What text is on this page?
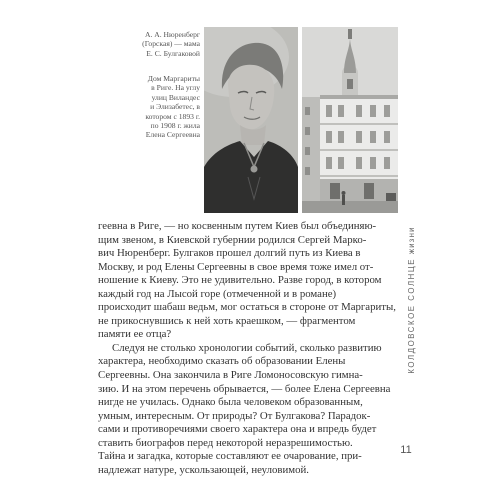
А. А. Нюренберг
(Горская) — мама
Е. С. Булгаковой
Дом Маргариты
в Риге. На углу
улиц Виландес
и Элизабетес, в
котором с 1893 г.
по 1908 г. жила
Елена Сергеевна
геевна в Риге, — но косвенным путем Киев был объединяю-
щим звеном, в Киевской губернии родился Сергей Марко-
вич Нюренберг. Булгаков прошел долгий путь из Киева в
Москву, и род Елены Сергеевны в свое время тоже имел от-
ношение к Киеву. Это не удивительно. Разве город, в котором
каждый год на Лысой горе (отмеченной и в романе)
происходит шабаш ведьм, мог остаться в стороне от Маргариты,
не прикоснувшись к ней хоть краешком, — фрагментом
памяти ее отца?
Следуя не столько хронологии событий, сколько развитию
характера, необходимо сказать об образовании Елены
Сергеевны. Она закончила в Риге Ломоносовскую гимна-
зию. И на этом перечень обрывается, — более Елена Сергеевна
нигде не училась. Однако была человеком образованным,
умным, интересным. От природы? От Булгакова? Парадок-
сами и противоречиями своего характера она и впредь будет
ставить биографов перед некоторой неразрешимостью.
Тайна и загадка, которые составляют ее очарование, при-
надлежат натуре, ускользающей, неуловимой.
КОЛДОВСКОЕ СОЛНЦЕ жизни
11
